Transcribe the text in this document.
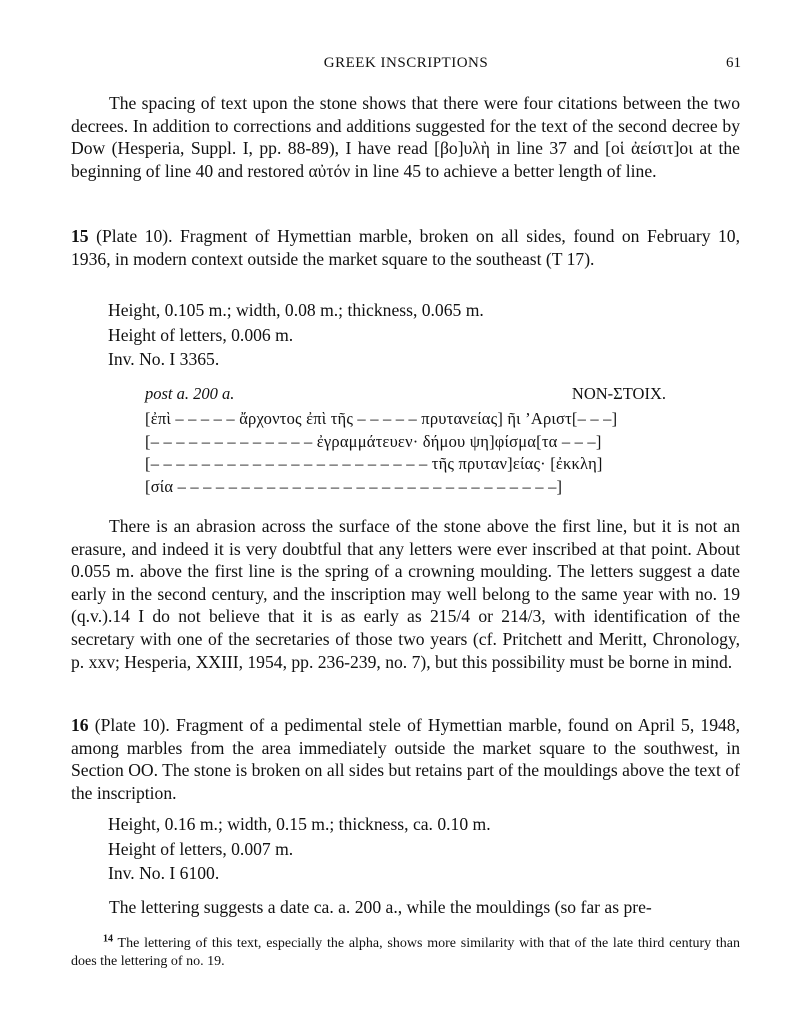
GREEK INSCRIPTIONS	61
The spacing of text upon the stone shows that there were four citations between the two decrees. In addition to corrections and additions suggested for the text of the second decree by Dow (Hesperia, Suppl. I, pp. 88-89), I have read [βο]υλὴ in line 37 and [οἱ ἀείσιτ]οι at the beginning of line 40 and restored αὐτόν in line 45 to achieve a better length of line.
15 (Plate 10). Fragment of Hymettian marble, broken on all sides, found on February 10, 1936, in modern context outside the market square to the southeast (T 17).
Height, 0.105 m.; width, 0.08 m.; thickness, 0.065 m.
Height of letters, 0.006 m.
Inv. No. I 3365.
post a. 200 a.	NON-ΣΤΟΙΧ.
[ἐπὶ – – – – – ἄρχοντος ἐπὶ τῆς – – – – – πρυτανείας] ῆι ’Αριστ[– – –]
[– – – – – – – – – – – – – ἐγραμμάτευεν· δήμου ψη]φίσμα[τα – – –]
[– – – – – – – – – – – – – – – – – – – – – – τῆς πρυταν]είας· [ἐκκλη]
[σία – – – – – – – – – – – – – – – – – – – – – – – – – – – – – –]
There is an abrasion across the surface of the stone above the first line, but it is not an erasure, and indeed it is very doubtful that any letters were ever inscribed at that point. About 0.055 m. above the first line is the spring of a crowning moulding. The letters suggest a date early in the second century, and the inscription may well belong to the same year with no. 19 (q.v.).14 I do not believe that it is as early as 215/4 or 214/3, with identification of the secretary with one of the secretaries of those two years (cf. Pritchett and Meritt, Chronology, p. xxv; Hesperia, XXIII, 1954, pp. 236-239, no. 7), but this possibility must be borne in mind.
16 (Plate 10). Fragment of a pedimental stele of Hymettian marble, found on April 5, 1948, among marbles from the area immediately outside the market square to the southwest, in Section OO. The stone is broken on all sides but retains part of the mouldings above the text of the inscription.
Height, 0.16 m.; width, 0.15 m.; thickness, ca. 0.10 m.
Height of letters, 0.007 m.
Inv. No. I 6100.
The lettering suggests a date ca. a. 200 a., while the mouldings (so far as pre-
$^{14}$ The lettering of this text, especially the alpha, shows more similarity with that of the late third century than does the lettering of no. 19.
